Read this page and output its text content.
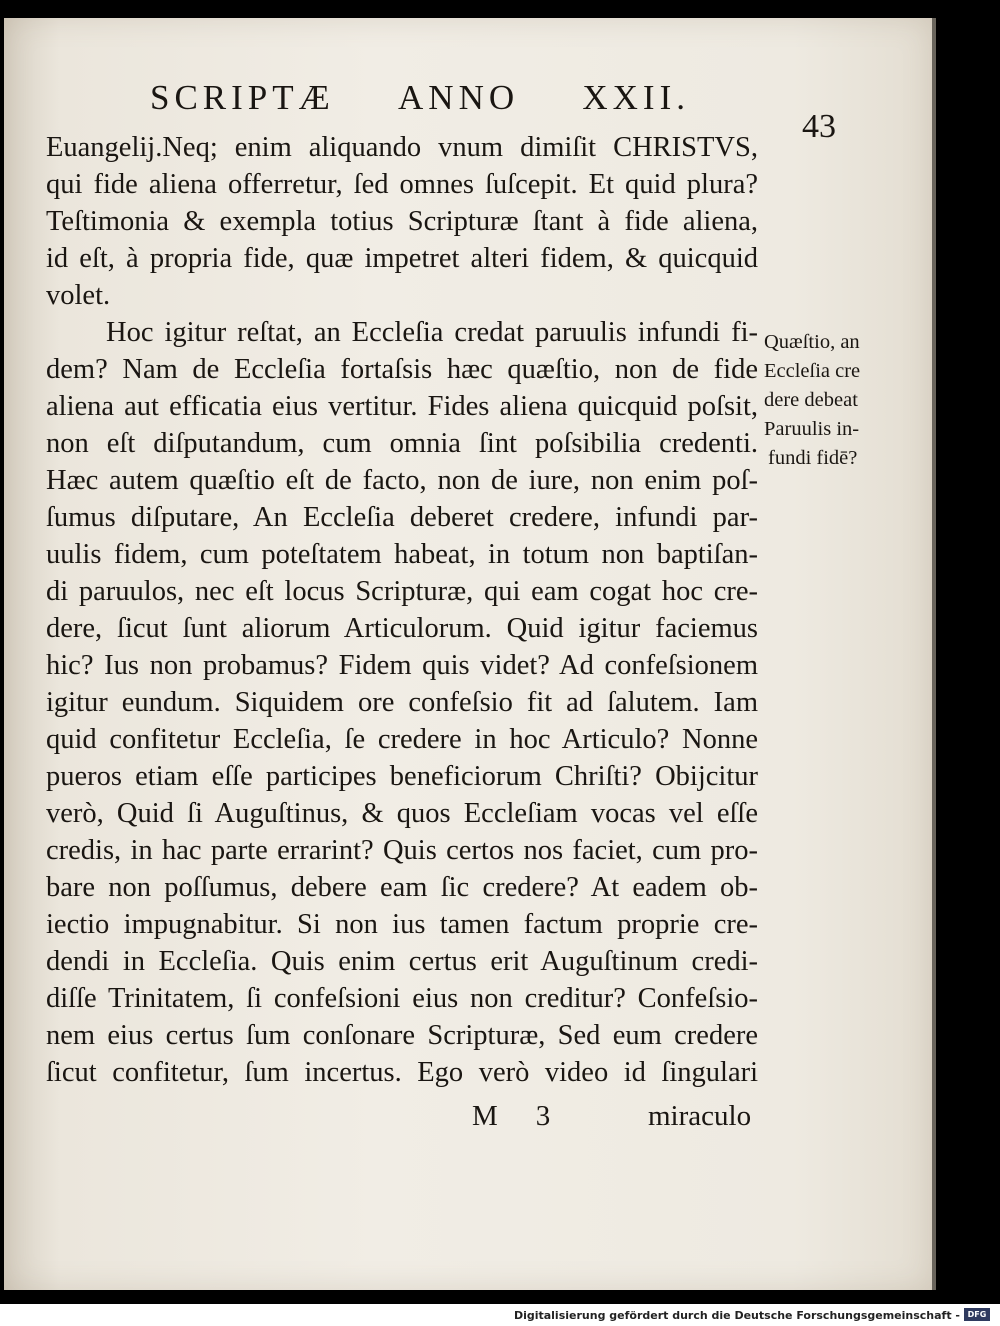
SCRIPTÆ ANNO XXII.
43
Euangelij.Neq; enim aliquando vnum dimiſit CHRISTVS,
qui fide aliena offerretur, ſed omnes ſuſcepit. Et quid plura?
Teſtimonia & exempla totius Scripturæ ſtant à fide aliena,
id eſt, à propria fide, quæ impetret alteri fidem, & quicquid
volet.
Hoc igitur reſtat, an Eccleſia credat paruulis infundi fi-
dem? Nam de Eccleſia fortaſsis hæc quæſtio, non de fide
aliena aut efficatia eius vertitur. Fides aliena quicquid poſsit,
non eſt diſputandum, cum omnia ſint poſsibilia credenti.
Hæc autem quæſtio eſt de facto, non de iure, non enim poſ-
ſumus diſputare, An Eccleſia deberet credere, infundi par-
uulis fidem, cum poteſtatem habeat, in totum non baptiſan-
di paruulos, nec eſt locus Scripturæ, qui eam cogat hoc cre-
dere, ſicut ſunt aliorum Articulorum. Quid igitur faciemus
hic? Ius non probamus? Fidem quis videt? Ad confeſsionem
igitur eundum. Siquidem ore confeſsio fit ad ſalutem. Iam
quid confitetur Eccleſia, ſe credere in hoc Articulo? Nonne
pueros etiam eſſe participes beneficiorum Chriſti? Obijcitur
verò, Quid ſi Auguſtinus, & quos Eccleſiam vocas vel eſſe
credis, in hac parte errarint? Quis certos nos faciet, cum pro-
bare non poſſumus, debere eam ſic credere? At eadem ob-
iectio impugnabitur. Si non ius tamen factum proprie cre-
dendi in Eccleſia. Quis enim certus erit Auguſtinum credi-
diſſe Trinitatem, ſi confeſsioni eius non creditur? Confeſsio-
nem eius certus ſum conſonare Scripturæ, Sed eum credere
ſicut confitetur, ſum incertus. Ego verò video id ſingulari
Quæſtio, an
Eccleſia cre
dere debeat
Paruulis in-
fundi fidē?
M 3	miraculo
Digitalisierung gefördert durch die Deutsche Forschungsgemeinschaft - DFG
